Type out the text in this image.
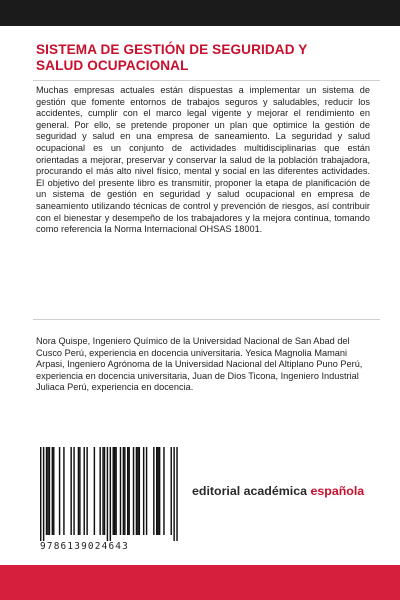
SISTEMA DE GESTIÓN DE SEGURIDAD Y
SALUD OCUPACIONAL
Muchas empresas actuales están dispuestas a implementar un sistema de gestión que fomente entornos de trabajos seguros y saludables, reducir los accidentes, cumplir con el marco legal vigente y mejorar el rendimiento en general. Por ello, se pretende proponer un plan que optimice la gestión de seguridad y salud en una empresa de saneamiento. La seguridad y salud ocupacional es un conjunto de actividades multidisciplinarias que están orientadas a mejorar, preservar y conservar la salud de la población trabajadora, procurando el más alto nivel físico, mental y social en las diferentes actividades. El objetivo del presente libro es transmitir, proponer la etapa de planificación de un sistema de gestión en seguridad y salud ocupacional en empresa de saneamiento utilizando técnicas de control y prevención de riesgos, así contribuir con el bienestar y desempeño de los trabajadores y la mejora continua, tomando como referencia la Norma Internacional OHSAS 18001.
Nora Quispe, Ingeniero Químico de la Universidad Nacional de San Abad del Cusco Perú, experiencia en docencia universitaria. Yesica Magnolia Mamani Arpasi, Ingeniero Agrónoma de la Universidad Nacional del Altiplano Puno Perú, experiencia en docencia universitaria, Juan de Dios Ticona, Ingeniero Industrial Juliaca Perú, experiencia en docencia.
9786139024643
editorial académica española
